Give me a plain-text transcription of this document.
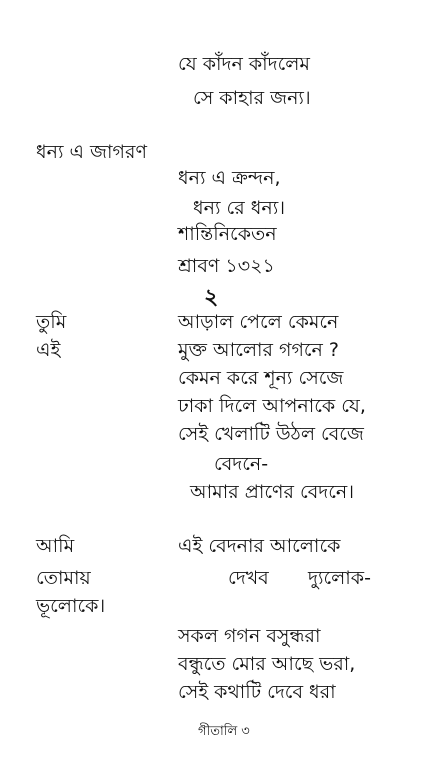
যে কাঁদন কাঁদলেম
সে কাহার জন্য।
ধন্য এ জাগরণ
ধন্য এ ক্রন্দন,
ধন্য রে ধন্য।
শান্তিনিকেতন
শ্রাবণ ১৩২১
২
তুমি	আড়াল পেলে কেমনে
এই	মুক্ত আলোর গগনে ?
কেমন করে শূন্য সেজে
ঢাকা দিলে আপনাকে যে,
সেই খেলাটি উঠল বেজে
বেদনে-
আমার প্রাণের বেদনে।
আমি	এই বেদনার আলোকে
তোমায়	দেখব দ্যুলোক-
ভূলোকে।
সকল গগন বসুন্ধরা
বন্ধুতে মোর আছে ভরা,
সেই কথাটি দেবে ধরা
গীতালি ৩
